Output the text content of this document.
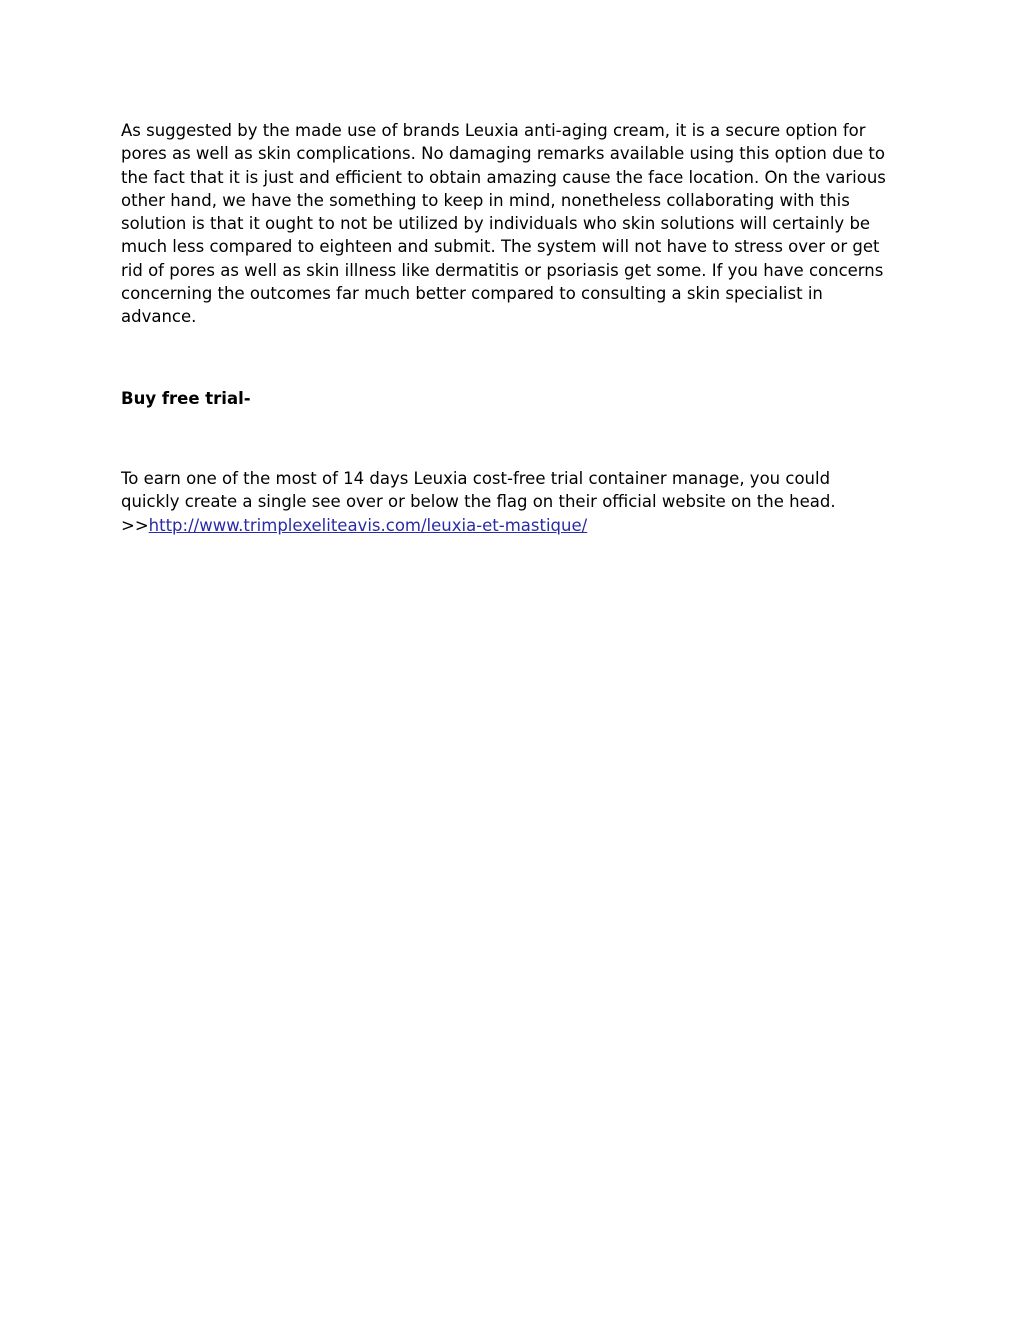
As suggested by the made use of brands Leuxia anti-aging cream, it is a secure option for
pores as well as skin complications. No damaging remarks available using this option due to
the fact that it is just and efficient to obtain amazing cause the face location. On the various
other hand, we have the something to keep in mind, nonetheless collaborating with this
solution is that it ought to not be utilized by individuals who skin solutions will certainly be
much less compared to eighteen and submit. The system will not have to stress over or get
rid of pores as well as skin illness like dermatitis or psoriasis get some. If you have concerns
concerning the outcomes far much better compared to consulting a skin specialist in
advance.

Buy free trial-

To earn one of the most of 14 days Leuxia cost-free trial container manage, you could
quickly create a single see over or below the flag on their official website on the head.
>>http://www.trimplexeliteavis.com/leuxia-et-mastique/
